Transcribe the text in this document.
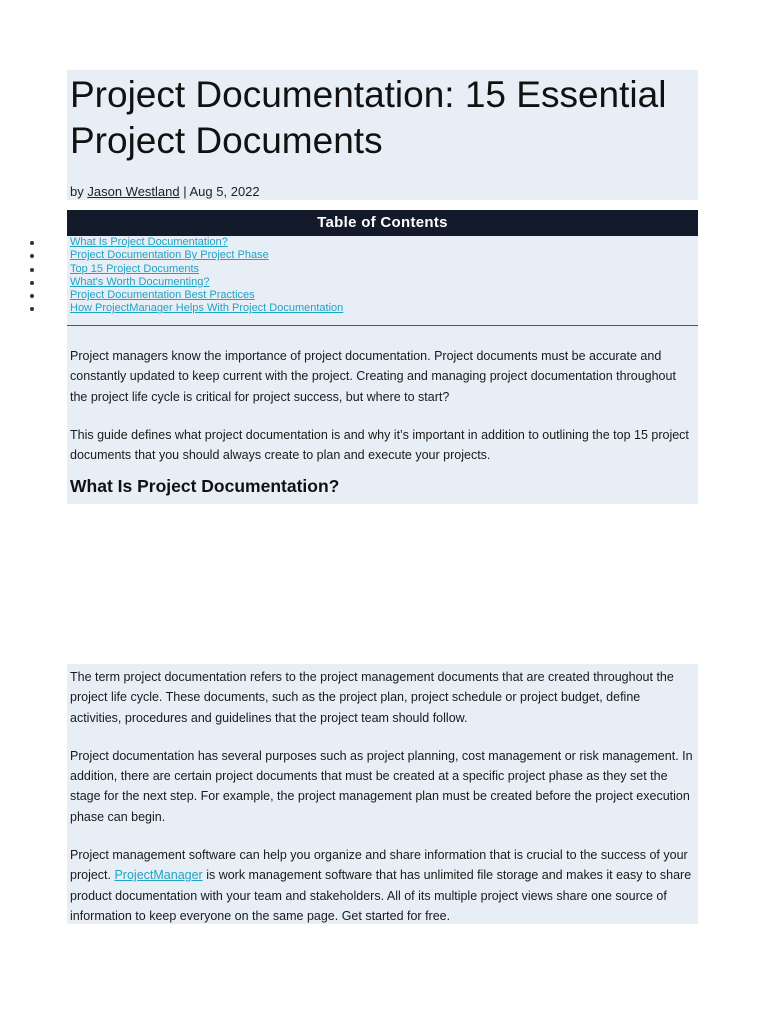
Project Documentation: 15 Essential Project Documents
by Jason Westland | Aug 5, 2022
Table of Contents
What Is Project Documentation?
Project Documentation By Project Phase
Top 15 Project Documents
What's Worth Documenting?
Project Documentation Best Practices
How ProjectManager Helps With Project Documentation

Project managers know the importance of project documentation. Project documents must be accurate and constantly updated to keep current with the project. Creating and managing project documentation throughout the project life cycle is critical for project success, but where to start?

This guide defines what project documentation is and why it’s important in addition to outlining the top 15 project documents that you should always create to plan and execute your projects.

What Is Project Documentation?

The term project documentation refers to the project management documents that are created throughout the project life cycle. These documents, such as the project plan, project schedule or project budget, define activities, procedures and guidelines that the project team should follow.

Project documentation has several purposes such as project planning, cost management or risk management. In addition, there are certain project documents that must be created at a specific project phase as they set the stage for the next step. For example, the project management plan must be created before the project execution phase can begin.

Project management software can help you organize and share information that is crucial to the success of your project. ProjectManager is work management software that has unlimited file storage and makes it easy to share product documentation with your team and stakeholders. All of its multiple project views share one source of information to keep everyone on the same page. Get started for free.
